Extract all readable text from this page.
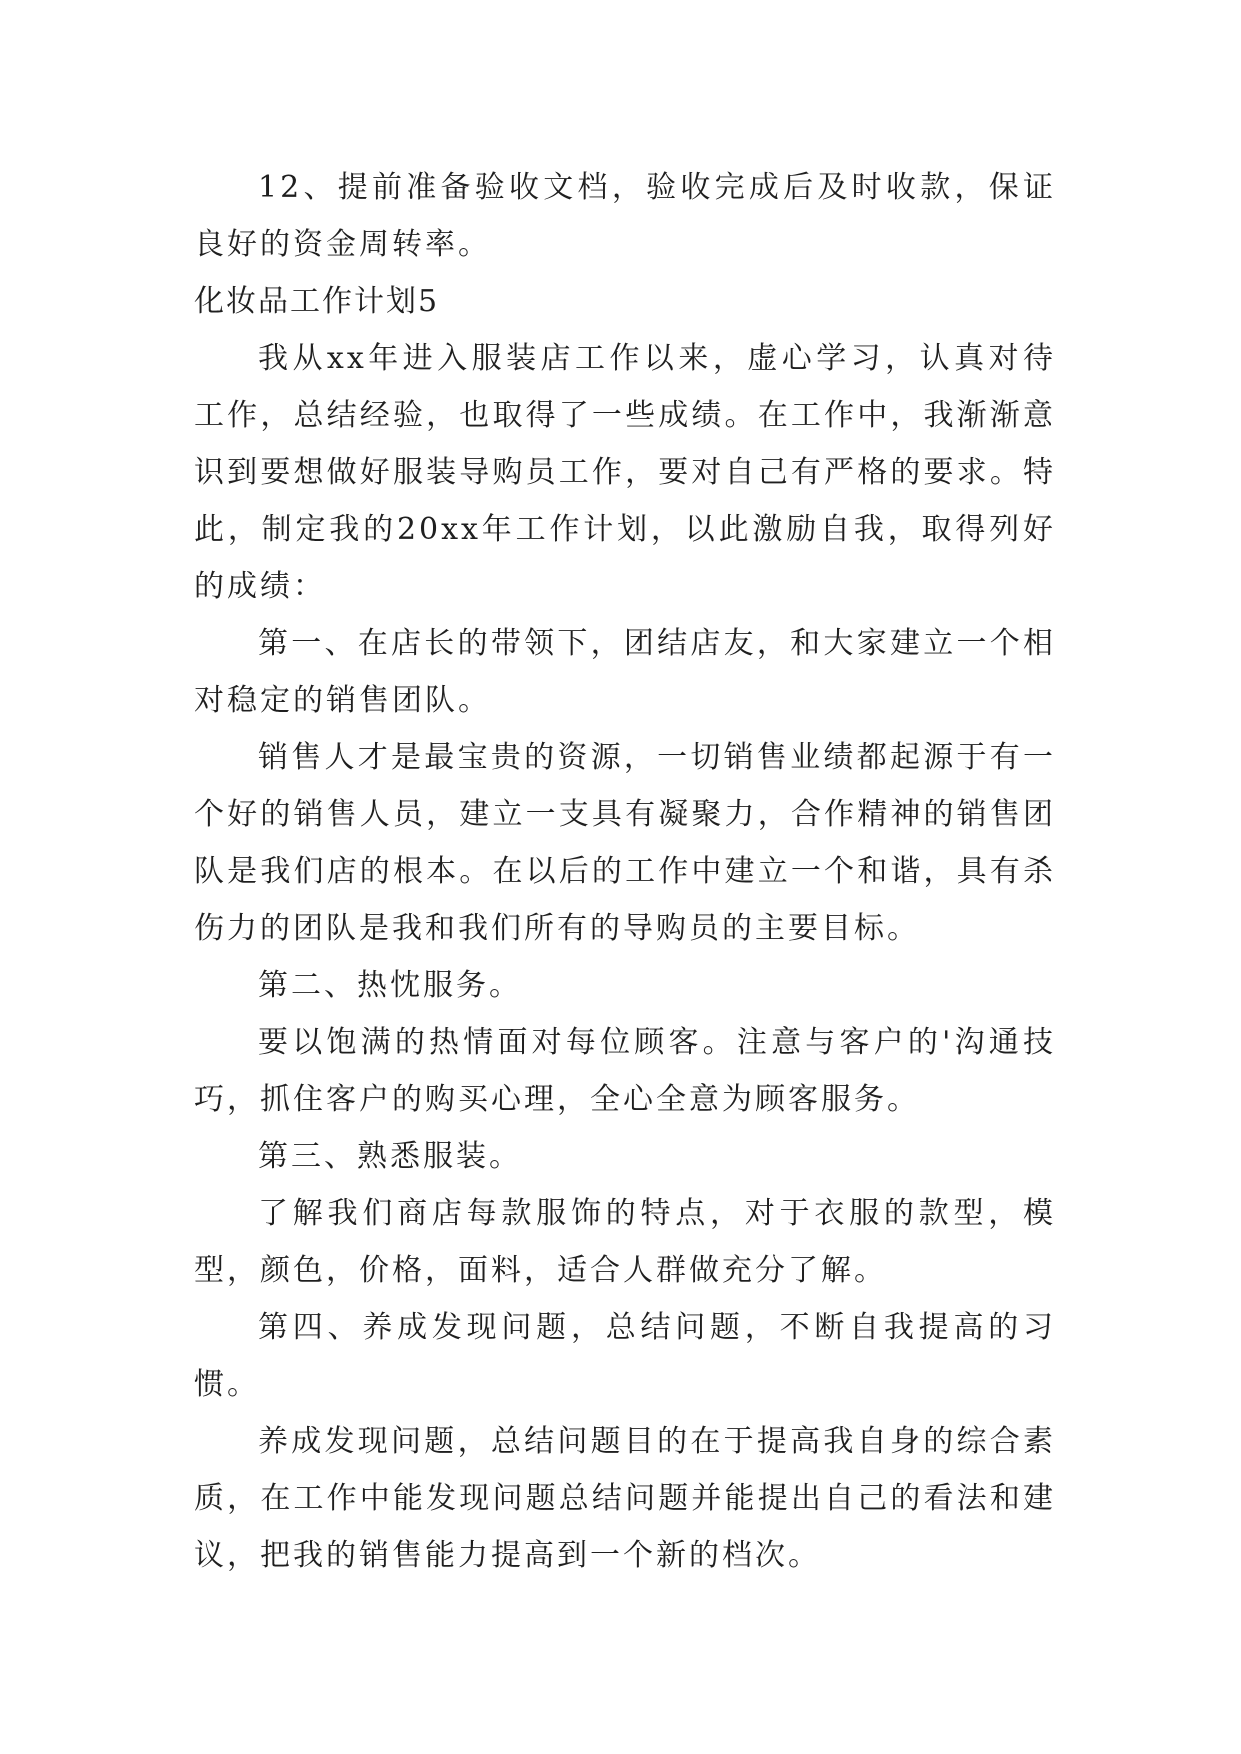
12、提前准备验收文档，验收完成后及时收款，保证良好的资金周转率。

化妆品工作计划5

我从xx年进入服装店工作以来，虚心学习，认真对待工作，总结经验，也取得了一些成绩。在工作中，我渐渐意识到要想做好服装导购员工作，要对自己有严格的要求。特此，制定我的20xx年工作计划，以此激励自我，取得列好的成绩：

第一、在店长的带领下，团结店友，和大家建立一个相对稳定的销售团队。

销售人才是最宝贵的资源，一切销售业绩都起源于有一个好的销售人员，建立一支具有凝聚力，合作精神的销售团队是我们店的根本。在以后的工作中建立一个和谐，具有杀伤力的团队是我和我们所有的导购员的主要目标。

第二、热忱服务。

要以饱满的热情面对每位顾客。注意与客户的'沟通技巧，抓住客户的购买心理，全心全意为顾客服务。

第三、熟悉服装。

了解我们商店每款服饰的特点，对于衣服的款型，模型，颜色，价格，面料，适合人群做充分了解。

第四、养成发现问题，总结问题，不断自我提高的习惯。

养成发现问题，总结问题目的在于提高我自身的综合素质，在工作中能发现问题总结问题并能提出自己的看法和建议，把我的销售能力提高到一个新的档次。
